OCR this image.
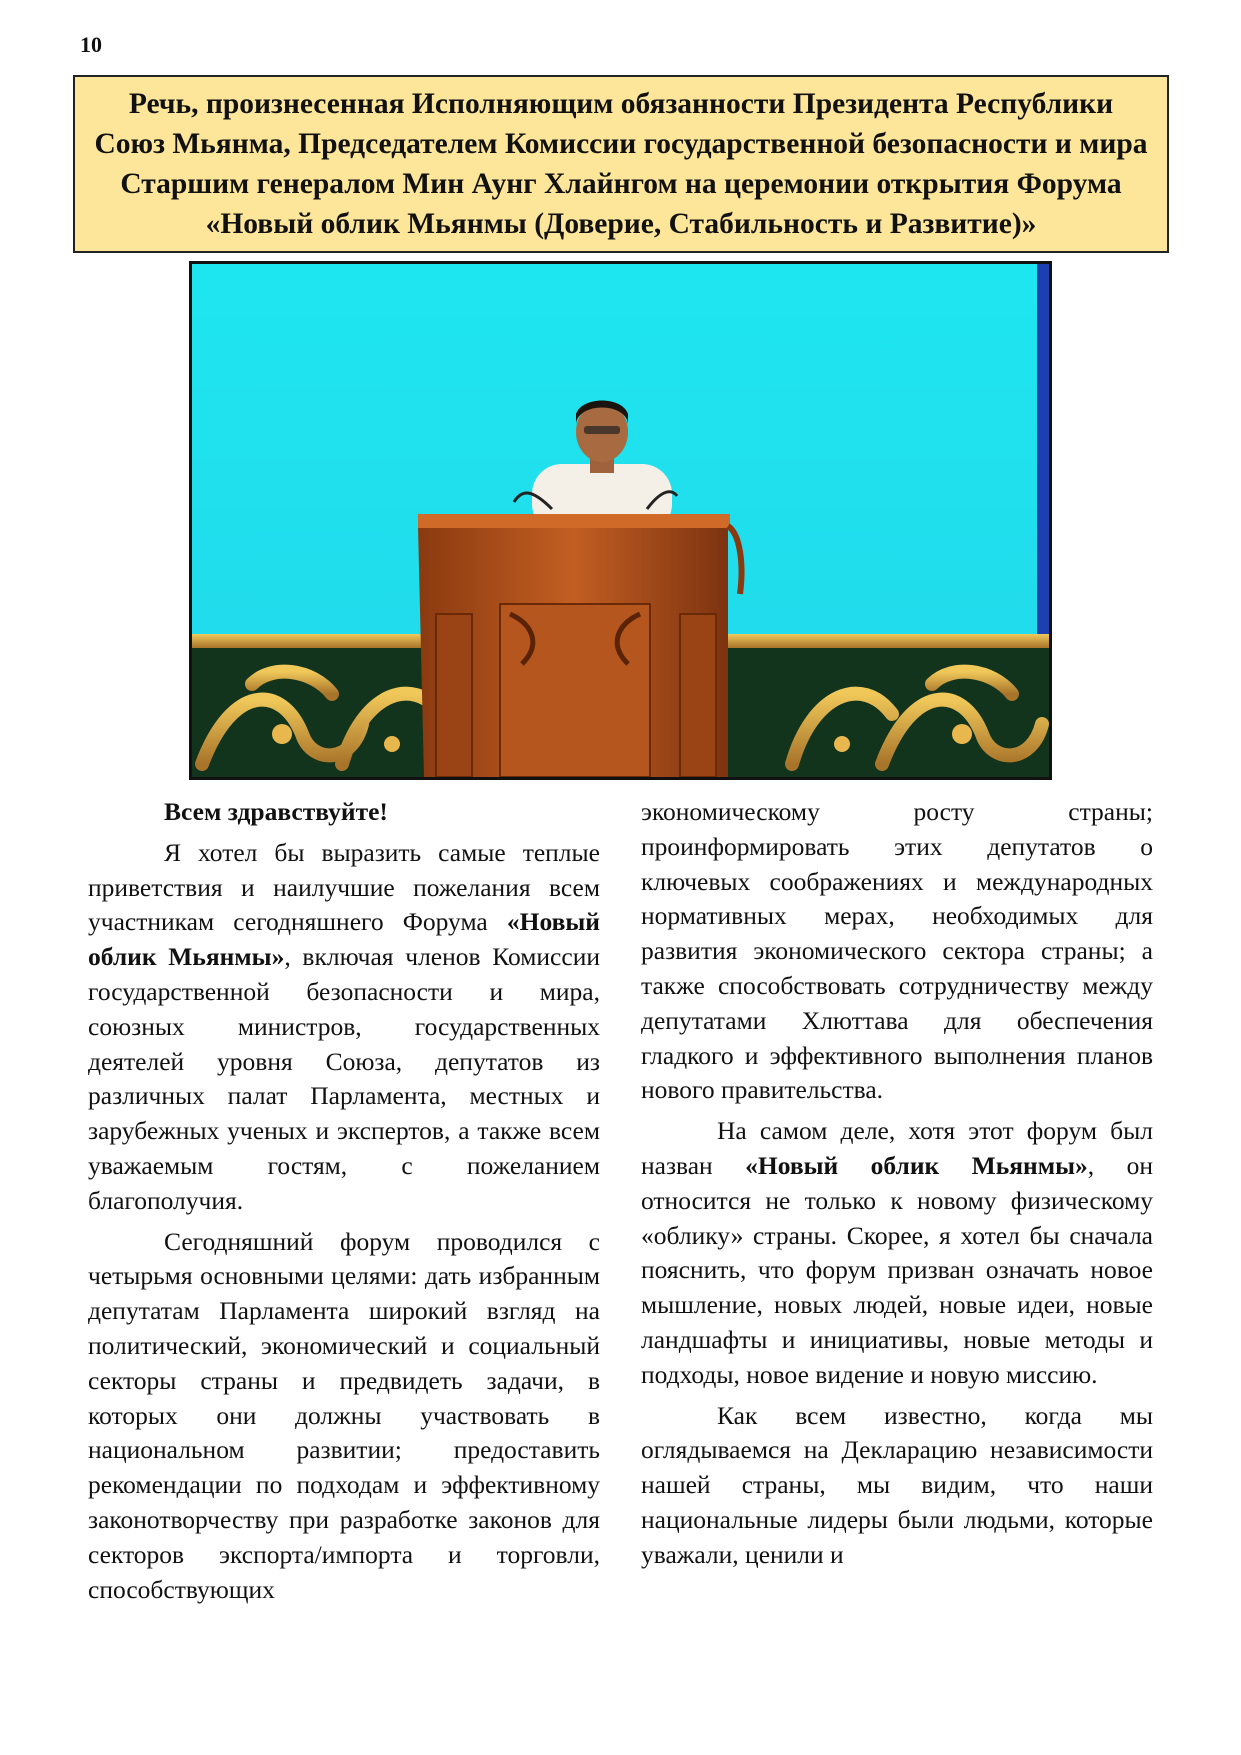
10
Речь, произнесенная Исполняющим обязанности Президента Республики Союз Мьянма, Председателем Комиссии государственной безопасности и мира Старшим генералом Мин Аунг Хлайнгом на церемонии открытия Форума «Новый облик Мьянмы (Доверие, Стабильность и Развитие)»

Всем здравствуйте!

Я хотел бы выразить самые теплые приветствия и наилучшие пожелания всем участникам сегодняшнего Форума «Новый облик Мьянмы», включая членов Комиссии государственной безопасности и мира, союзных министров, государственных деятелей уровня Союза, депутатов из различных палат Парламента, местных и зарубежных ученых и экспертов, а также всем уважаемым гостям, с пожеланием благополучия.

Сегодняшний форум проводился с четырьмя основными целями: дать избранным депутатам Парламента широкий взгляд на политический, экономический и социальный секторы страны и предвидеть задачи, в которых они должны участвовать в национальном развитии; предоставить рекомендации по подходам и эффективному законотворчеству при разработке законов для секторов экспорта/импорта и торговли, способствующих

экономическому росту страны; проинформировать этих депутатов о ключевых соображениях и международных нормативных мерах, необходимых для развития экономического сектора страны; а также способствовать сотрудничеству между депутатами Хлюттава для обеспечения гладкого и эффективного выполнения планов нового правительства.

На самом деле, хотя этот форум был назван «Новый облик Мьянмы», он относится не только к новому физическому «облику» страны. Скорее, я хотел бы сначала пояснить, что форум призван означать новое мышление, новых людей, новые идеи, новые ландшафты и инициативы, новые методы и подходы, новое видение и новую миссию.

Как всем известно, когда мы оглядываемся на Декларацию независимости нашей страны, мы видим, что наши национальные лидеры были людьми, которые уважали, ценили и
